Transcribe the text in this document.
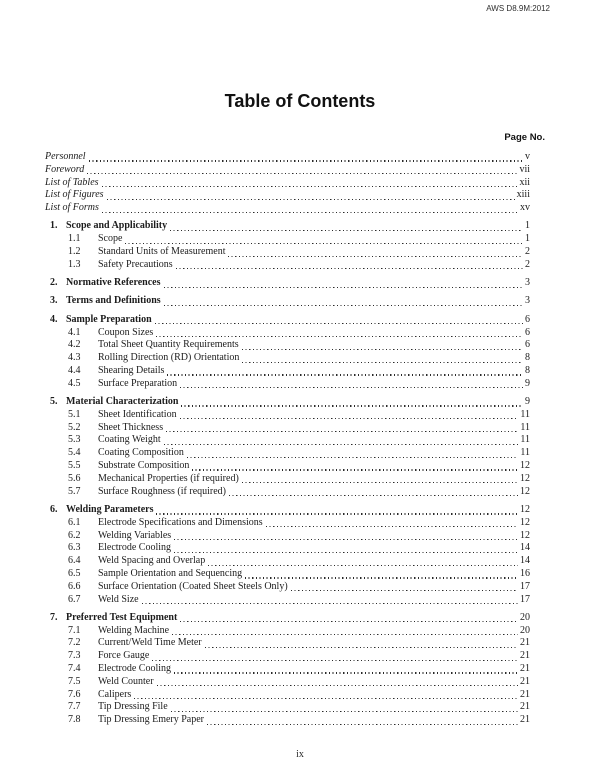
AWS D8.9M:2012
Table of Contents
Page No.
Personnel	v
Foreword	vii
List of Tables	xii
List of Figures	xiii
List of Forms	xv
1. Scope and Applicability	1
1.1	Scope	1
1.2	Standard Units of Measurement	2
1.3	Safety Precautions	2
2. Normative References	3
3. Terms and Definitions	3
4. Sample Preparation	6
4.1	Coupon Sizes	6
4.2	Total Sheet Quantity Requirements	6
4.3	Rolling Direction (RD) Orientation	8
4.4	Shearing Details	8
4.5	Surface Preparation	9
5. Material Characterization	9
5.1	Sheet Identification	11
5.2	Sheet Thickness	11
5.3	Coating Weight	11
5.4	Coating Composition	11
5.5	Substrate Composition	12
5.6	Mechanical Properties (if required)	12
5.7	Surface Roughness (if required)	12
6. Welding Parameters	12
6.1	Electrode Specifications and Dimensions	12
6.2	Welding Variables	12
6.3	Electrode Cooling	14
6.4	Weld Spacing and Overlap	14
6.5	Sample Orientation and Sequencing	16
6.6	Surface Orientation (Coated Sheet Steels Only)	17
6.7	Weld Size	17
7. Preferred Test Equipment	20
7.1	Welding Machine	20
7.2	Current/Weld Time Meter	21
7.3	Force Gauge	21
7.4	Electrode Cooling	21
7.5	Weld Counter	21
7.6	Calipers	21
7.7	Tip Dressing File	21
7.8	Tip Dressing Emery Paper	21
ix
